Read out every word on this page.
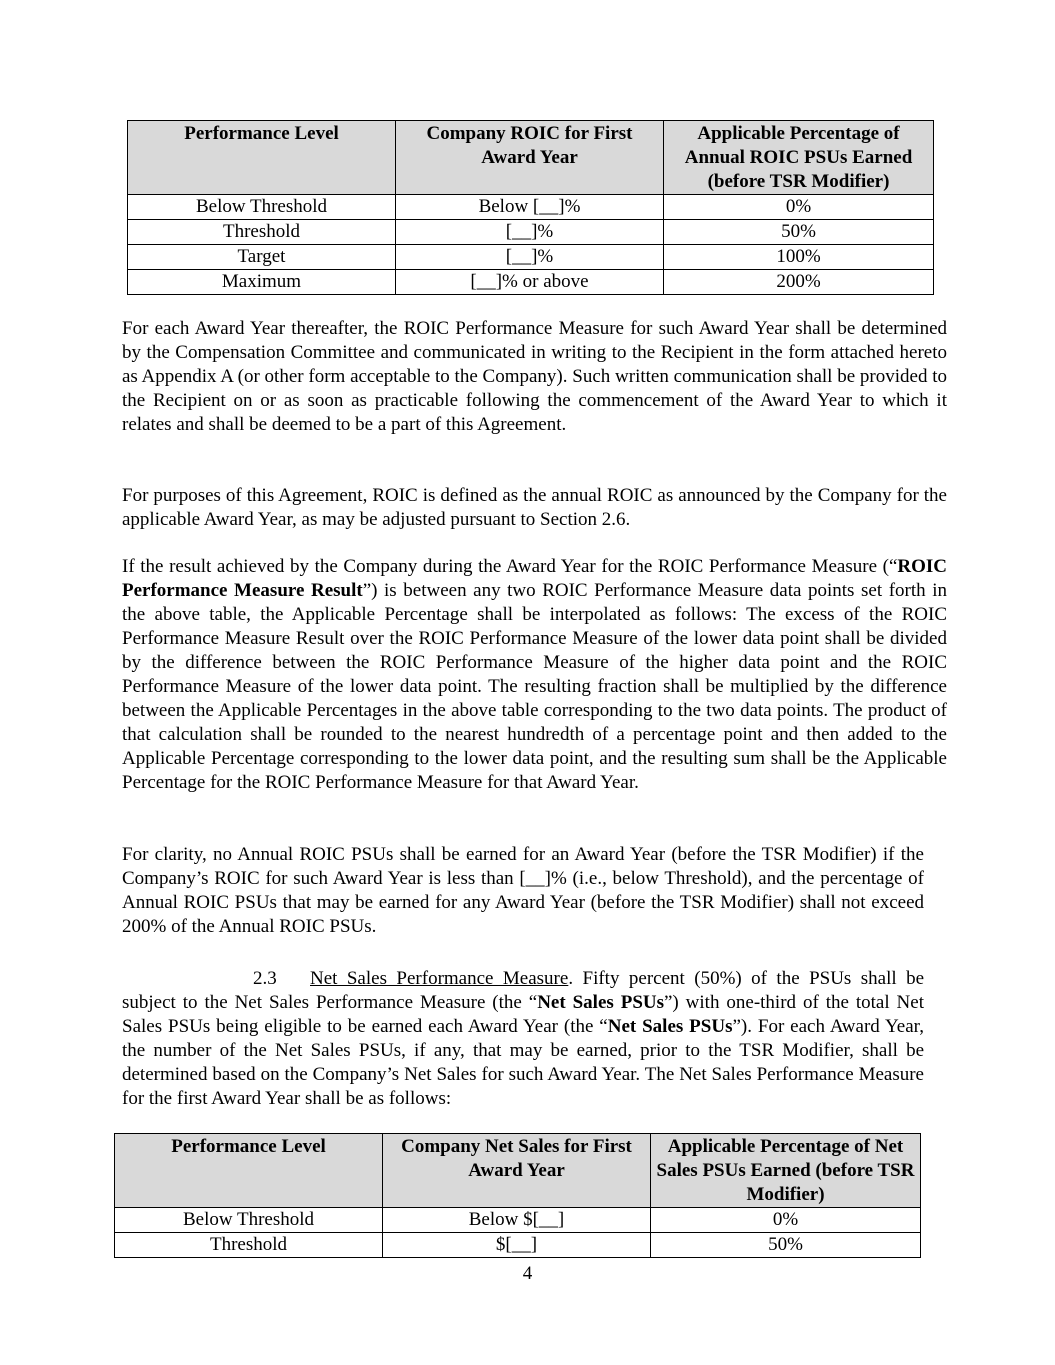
Performance Level	Company ROIC for First Award Year	Applicable Percentage of Annual ROIC PSUs Earned (before TSR Modifier)
Below Threshold	Below [__]%	0%
Threshold	[__]%	50%
Target	[__]%	100%
Maximum	[__]% or above	200%

For each Award Year thereafter, the ROIC Performance Measure for such Award Year shall be determined by the Compensation Committee and communicated in writing to the Recipient in the form attached hereto as Appendix A (or other form acceptable to the Company). Such written communication shall be provided to the Recipient on or as soon as practicable following the commencement of the Award Year to which it relates and shall be deemed to be a part of this Agreement.

For purposes of this Agreement, ROIC is defined as the annual ROIC as announced by the Company for the applicable Award Year, as may be adjusted pursuant to Section 2.6.

If the result achieved by the Company during the Award Year for the ROIC Performance Measure (“ROIC Performance Measure Result”) is between any two ROIC Performance Measure data points set forth in the above table, the Applicable Percentage shall be interpolated as follows: The excess of the ROIC Performance Measure Result over the ROIC Performance Measure of the lower data point shall be divided by the difference between the ROIC Performance Measure of the higher data point and the ROIC Performance Measure of the lower data point. The resulting fraction shall be multiplied by the difference between the Applicable Percentages in the above table corresponding to the two data points. The product of that calculation shall be rounded to the nearest hundredth of a percentage point and then added to the Applicable Percentage corresponding to the lower data point, and the resulting sum shall be the Applicable Percentage for the ROIC Performance Measure for that Award Year.

For clarity, no Annual ROIC PSUs shall be earned for an Award Year (before the TSR Modifier) if the Company’s ROIC for such Award Year is less than [__]% (i.e., below Threshold), and the percentage of Annual ROIC PSUs that may be earned for any Award Year (before the TSR Modifier) shall not exceed 200% of the Annual ROIC PSUs.

2.3 Net Sales Performance Measure. Fifty percent (50%) of the PSUs shall be subject to the Net Sales Performance Measure (the “Net Sales PSUs”) with one-third of the total Net Sales PSUs being eligible to be earned each Award Year (the “Net Sales PSUs”). For each Award Year, the number of the Net Sales PSUs, if any, that may be earned, prior to the TSR Modifier, shall be determined based on the Company’s Net Sales for such Award Year. The Net Sales Performance Measure for the first Award Year shall be as follows:

Performance Level	Company Net Sales for First Award Year	Applicable Percentage of Net Sales PSUs Earned (before TSR Modifier)
Below Threshold	Below $[__]	0%
Threshold	$[__]	50%
4
